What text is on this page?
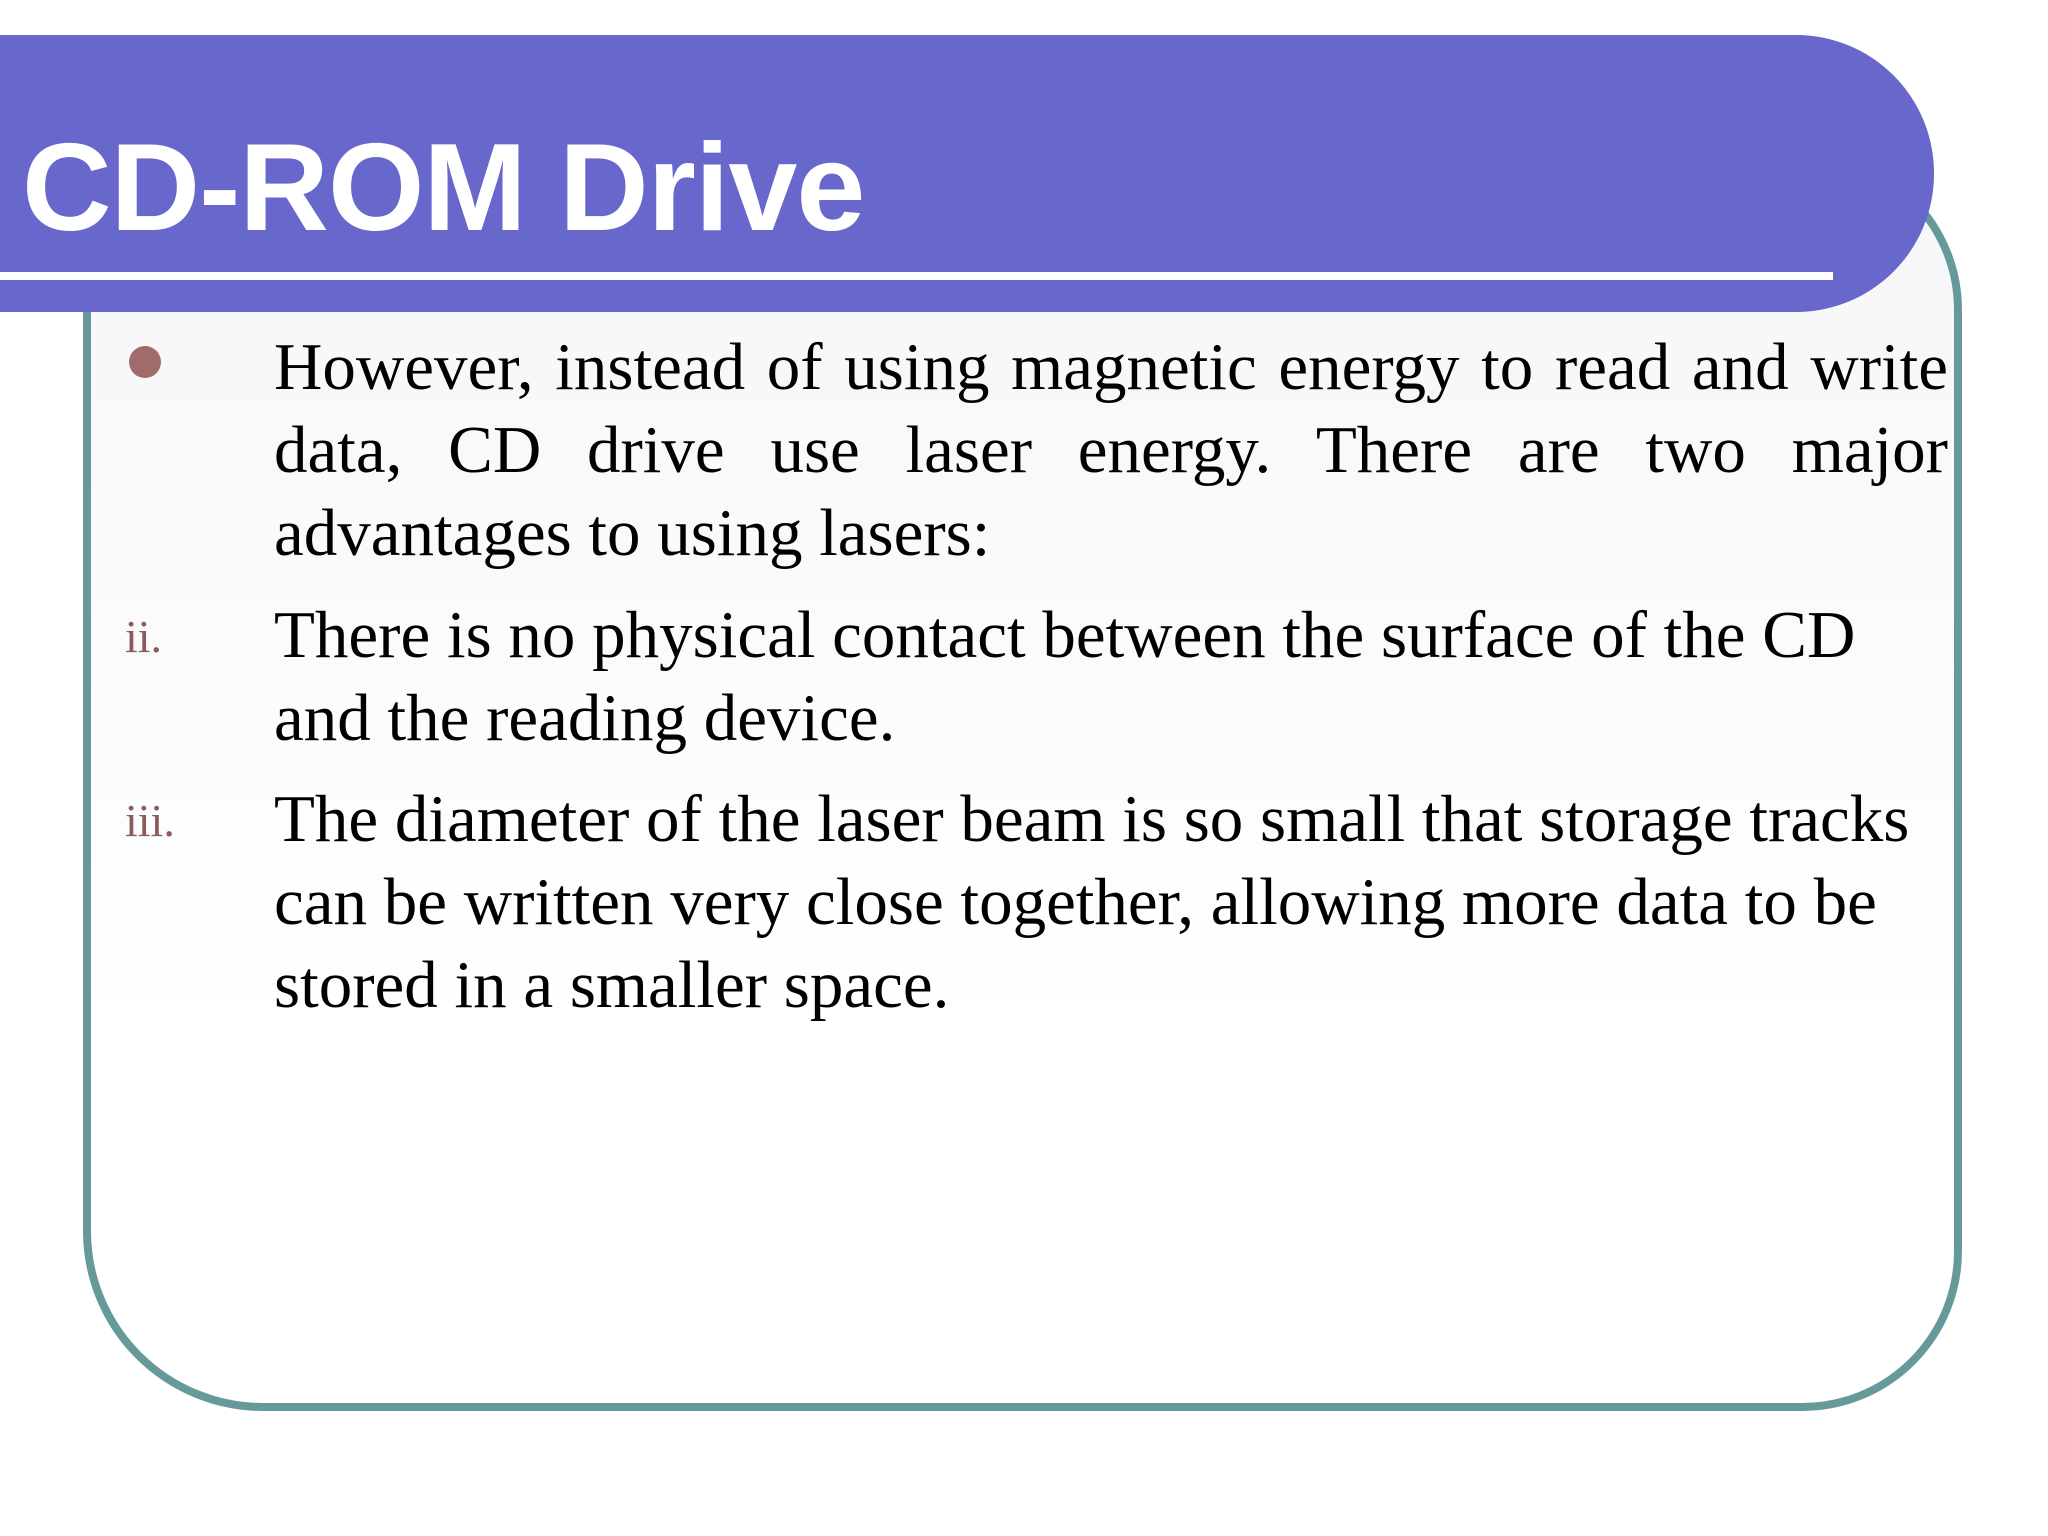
CD-ROM Drive

However, instead of using magnetic energy to read and write data, CD drive use laser energy. There are two major advantages to using lasers:

ii. There is no physical contact between the surface of the CD and the reading device.

iii. The diameter of the laser beam is so small that storage tracks can be written very close together, allowing more data to be stored in a smaller space.
